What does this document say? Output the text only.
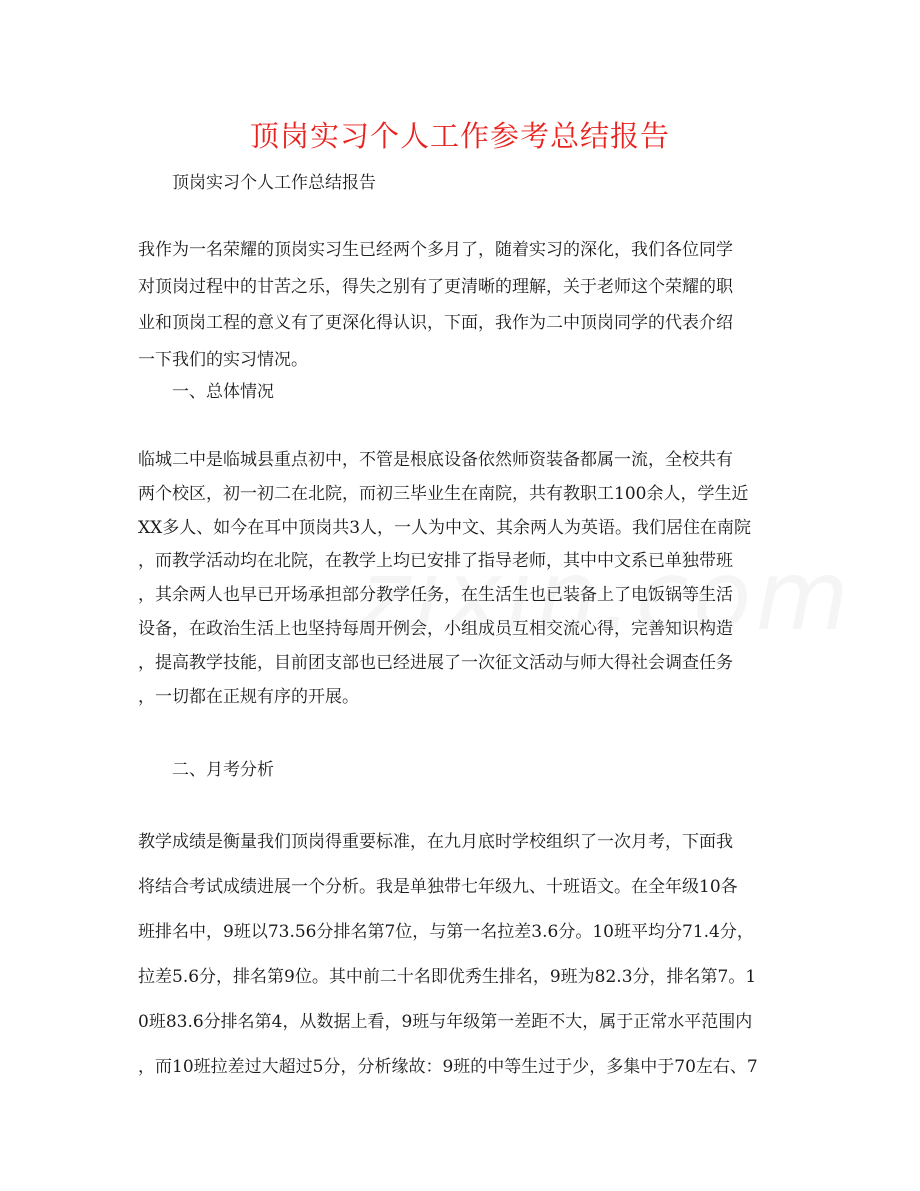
顶岗实习个人工作参考总结报告
顶岗实习个人工作总结报告
我作为一名荣耀的顶岗实习生已经两个多月了，随着实习的深化，我们各位同学
对顶岗过程中的甘苦之乐，得失之别有了更清晰的理解，关于老师这个荣耀的职
业和顶岗工程的意义有了更深化得认识，下面，我作为二中顶岗同学的代表介绍
一下我们的实习情况。
一、总体情况
临城二中是临城县重点初中，不管是根底设备依然师资装备都属一流，全校共有
两个校区，初一初二在北院，而初三毕业生在南院，共有教职工100余人，学生近
XX多人、如今在耳中顶岗共3人，一人为中文、其余两人为英语。我们居住在南院
，而教学活动均在北院，在教学上均已安排了指导老师，其中中文系已单独带班
，其余两人也早已开场承担部分教学任务，在生活生也已装备上了电饭锅等生活
设备，在政治生活上也坚持每周开例会，小组成员互相交流心得，完善知识构造
，提高教学技能，目前团支部也已经进展了一次征文活动与师大得社会调查任务
，一切都在正规有序的开展。
二、月考分析
教学成绩是衡量我们顶岗得重要标准，在九月底时学校组织了一次月考，下面我
将结合考试成绩进展一个分析。我是单独带七年级九、十班语文。在全年级10各
班排名中，9班以73.56分排名第7位，与第一名拉差3.6分。10班平均分71.4分，
拉差5.6分，排名第9位。其中前二十名即优秀生排名，9班为82.3分，排名第7。1
0班83.6分排名第4，从数据上看，9班与年级第一差距不大，属于正常水平范围内
，而10班拉差过大超过5分，分析缘故：9班的中等生过于少，多集中于70左右、7
